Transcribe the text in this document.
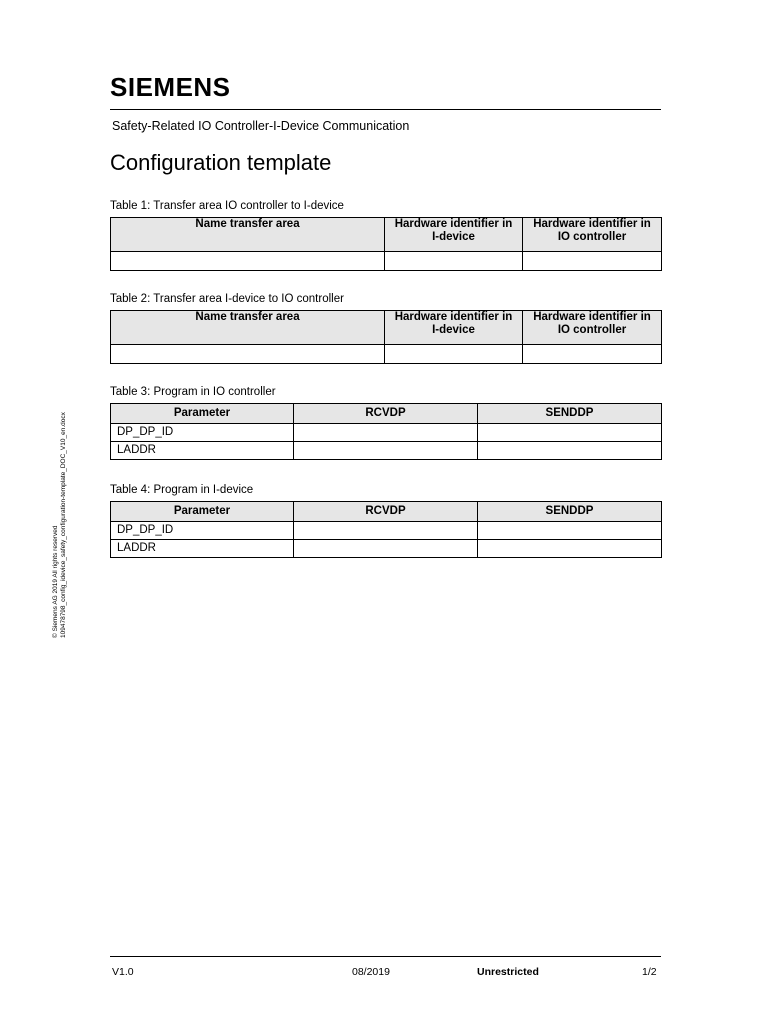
SIEMENS
Safety-Related IO Controller-I-Device Communication
Configuration template
Table 1: Transfer area IO controller to I-device
Name transfer area	Hardware identifier in I-device	Hardware identifier in IO controller

Table 2: Transfer area I-device to IO controller
Name transfer area	Hardware identifier in I-device	Hardware identifier in IO controller

Table 3: Program in IO controller
Parameter	RCVDP	SENDDP
DP_DP_ID		
LADDR		
Table 4: Program in I-device
Parameter	RCVDP	SENDDP
DP_DP_ID		
LADDR		
© Siemens AG 2019 All rights reserved 109478798_config_idevice_safety_configuration-template_DOC_V10_en.docx
V1.0	08/2019	Unrestricted	1/2
